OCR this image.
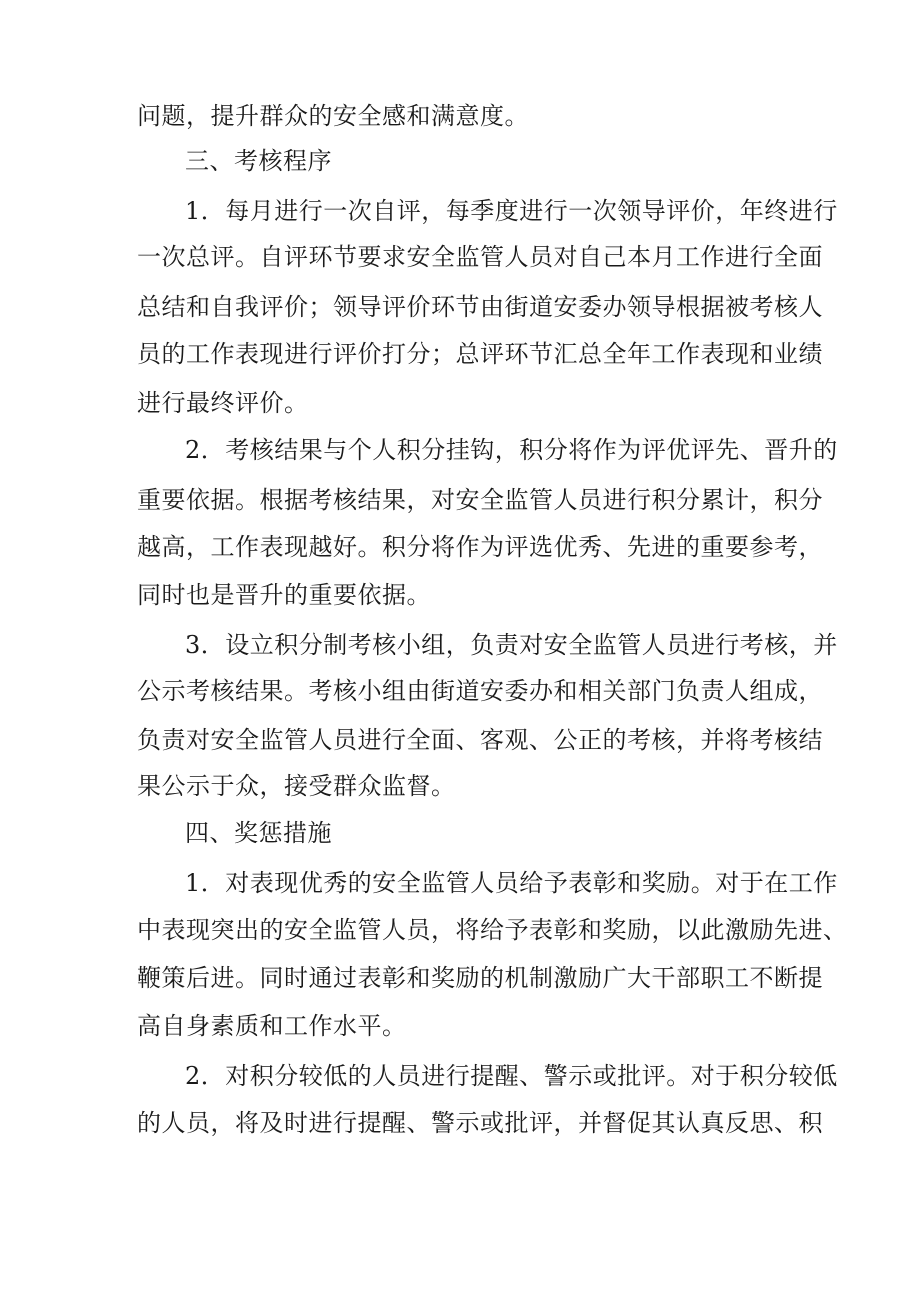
问题，提升群众的安全感和满意度。
三、考核程序
1．每月进行一次自评，每季度进行一次领导评价，年终进行
一次总评。自评环节要求安全监管人员对自己本月工作进行全面
总结和自我评价；领导评价环节由街道安委办领导根据被考核人
员的工作表现进行评价打分；总评环节汇总全年工作表现和业绩
进行最终评价。
2．考核结果与个人积分挂钩，积分将作为评优评先、晋升的
重要依据。根据考核结果，对安全监管人员进行积分累计，积分
越高，工作表现越好。积分将作为评选优秀、先进的重要参考，
同时也是晋升的重要依据。
3．设立积分制考核小组，负责对安全监管人员进行考核，并
公示考核结果。考核小组由街道安委办和相关部门负责人组成，
负责对安全监管人员进行全面、客观、公正的考核，并将考核结
果公示于众，接受群众监督。
四、奖惩措施
1．对表现优秀的安全监管人员给予表彰和奖励。对于在工作
中表现突出的安全监管人员，将给予表彰和奖励，以此激励先进、
鞭策后进。同时通过表彰和奖励的机制激励广大干部职工不断提
高自身素质和工作水平。
2．对积分较低的人员进行提醒、警示或批评。对于积分较低
的人员，将及时进行提醒、警示或批评，并督促其认真反思、积
